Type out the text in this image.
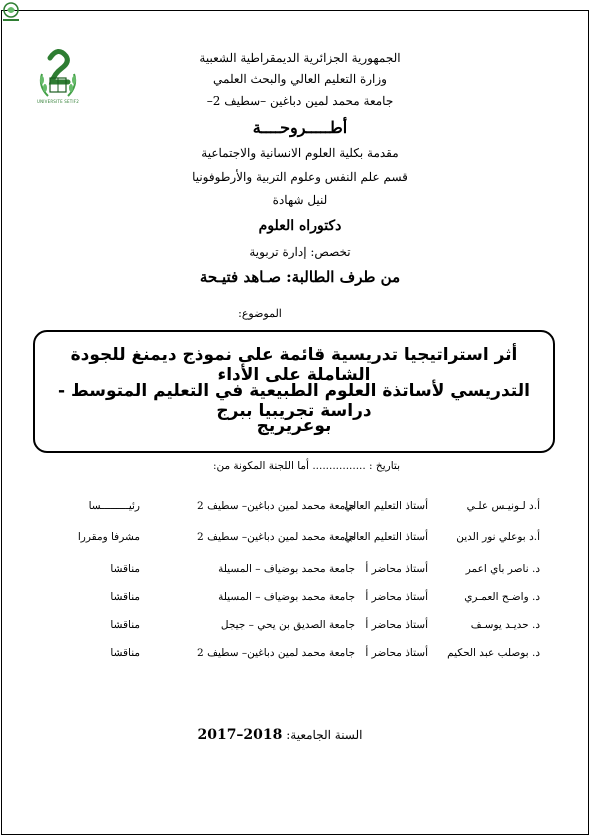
UNIVERSITE SETIF2
الجمهورية الجزائرية الديمقراطية الشعبية
وزارة التعليم العالي والبحث العلمي
جامعة محمد لمين دباغين –سطيف 2–
أطـــــروحــــة
مقدمة بكلية العلوم الانسانية والاجتماعية
قسم علم النفس وعلوم التربية والأرطوفونيا
لنيل شهادة
دكتوراه العلوم
تخصص: إدارة تربوية
من طرف الطالبة: صـاهد فتيـحة
الموضوع:
أثر استراتيجيا تدريسية قائمة على نموذج ديمنغ للجودة الشاملة على الأداء
التدريسي لأساتذة العلوم الطبيعية في التعليم المتوسط - دراسة تجريبيا ببرج
بوعريريج
بتاريخ : ................ أما اللجنة المكونة من:
أ.د لـونيـس علـي
أستاذ التعليم العالي
جامعة محمد لمين دباغين– سطيف 2
رئيـــــــــسا
أ.د بوعلي نور الدين
أستاذ التعليم العالي
جامعة محمد لمين دباغين– سطيف 2
مشرفا ومقررا
د. ناصر باي اعمر
أستاذ محاضر أ
جامعة محمد بوضياف – المسيلة
مناقشا
د. واضـح العمـري
أستاذ محاضر أ
جامعة محمد بوضياف – المسيلة
مناقشا
د. حديـد يوسـف
أستاذ محاضر أ
جامعة الصديق بن يحي – جيجل
مناقشا
د. بوصلب عبد الحكيم
أستاذ محاضر أ
جامعة محمد لمين دباغين– سطيف 2
مناقشا
السنة الجامعية: 2017–2018
